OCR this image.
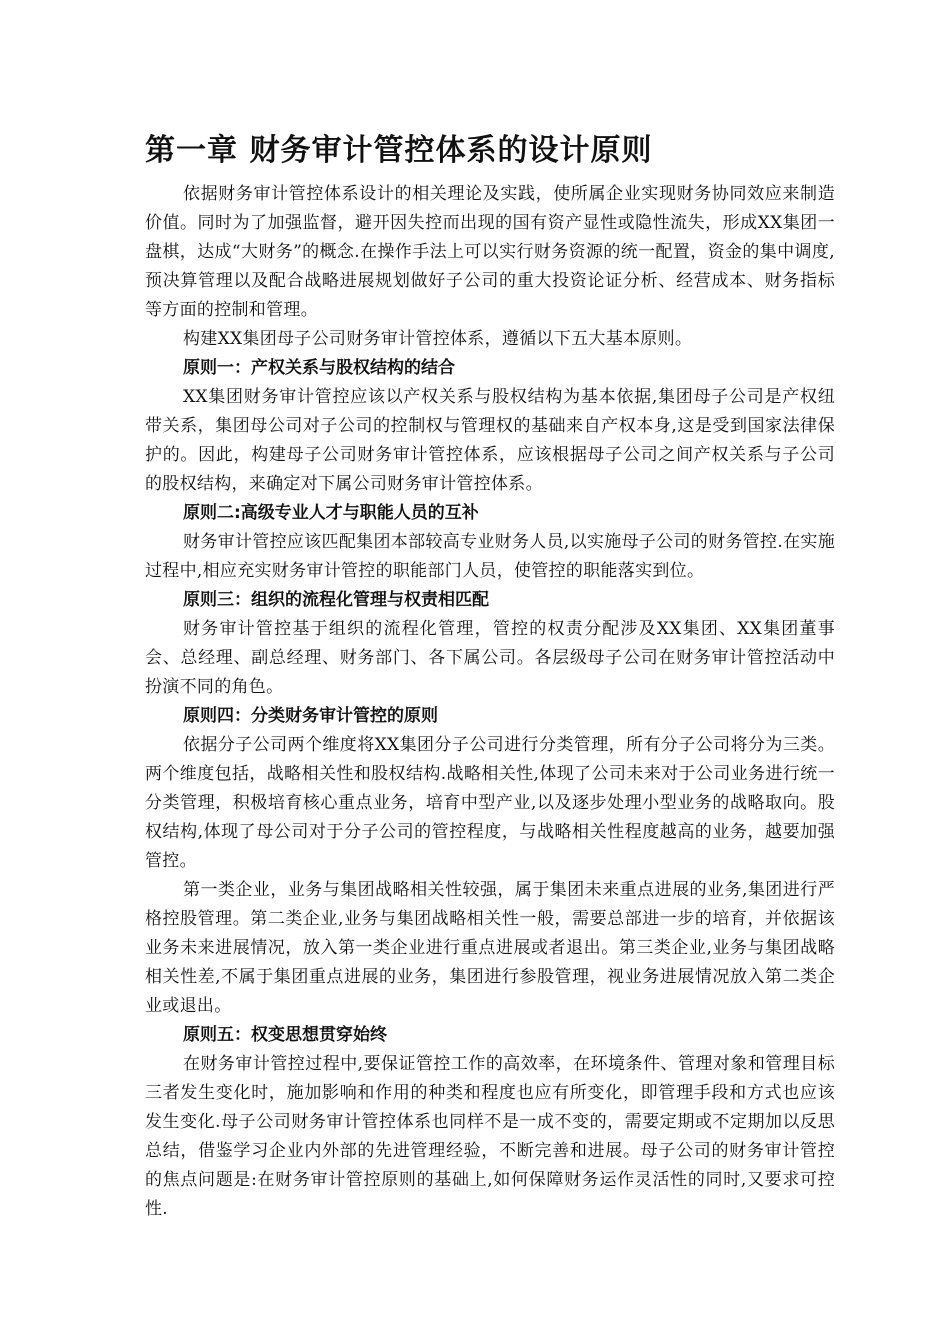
第一章 财务审计管控体系的设计原则

依据财务审计管控体系设计的相关理论及实践，使所属企业实现财务协同效应来制造价值。同时为了加强监督，避开因失控而出现的国有资产显性或隐性流失，形成XX集团一盘棋，达成“大财务”的概念.在操作手法上可以实行财务资源的统一配置，资金的集中调度,预决算管理以及配合战略进展规划做好子公司的重大投资论证分析、经营成本、财务指标等方面的控制和管理。

构建XX集团母子公司财务审计管控体系，遵循以下五大基本原则。

原则一：产权关系与股权结构的结合

XX集团财务审计管控应该以产权关系与股权结构为基本依据,集团母子公司是产权纽带关系，集团母公司对子公司的控制权与管理权的基础来自产权本身,这是受到国家法律保护的。因此，构建母子公司财务审计管控体系，应该根据母子公司之间产权关系与子公司的股权结构，来确定对下属公司财务审计管控体系。

原则二:高级专业人才与职能人员的互补

财务审计管控应该匹配集团本部较高专业财务人员,以实施母子公司的财务管控.在实施过程中,相应充实财务审计管控的职能部门人员，使管控的职能落实到位。

原则三：组织的流程化管理与权责相匹配

财务审计管控基于组织的流程化管理，管控的权责分配涉及XX集团、XX集团董事会、总经理、副总经理、财务部门、各下属公司。各层级母子公司在财务审计管控活动中扮演不同的角色。

原则四：分类财务审计管控的原则

依据分子公司两个维度将XX集团分子公司进行分类管理，所有分子公司将分为三类。两个维度包括，战略相关性和股权结构.战略相关性,体现了公司未来对于公司业务进行统一分类管理，积极培育核心重点业务，培育中型产业,以及逐步处理小型业务的战略取向。股权结构,体现了母公司对于分子公司的管控程度，与战略相关性程度越高的业务，越要加强管控。

第一类企业，业务与集团战略相关性较强，属于集团未来重点进展的业务,集团进行严格控股管理。第二类企业,业务与集团战略相关性一般，需要总部进一步的培育，并依据该业务未来进展情况，放入第一类企业进行重点进展或者退出。第三类企业,业务与集团战略相关性差,不属于集团重点进展的业务，集团进行参股管理，视业务进展情况放入第二类企业或退出。

原则五：权变思想贯穿始终

在财务审计管控过程中,要保证管控工作的高效率，在环境条件、管理对象和管理目标三者发生变化时，施加影响和作用的种类和程度也应有所变化，即管理手段和方式也应该发生变化.母子公司财务审计管控体系也同样不是一成不变的，需要定期或不定期加以反思总结，借鉴学习企业内外部的先进管理经验，不断完善和进展。母子公司的财务审计管控的焦点问题是:在财务审计管控原则的基础上,如何保障财务运作灵活性的同时,又要求可控性.
